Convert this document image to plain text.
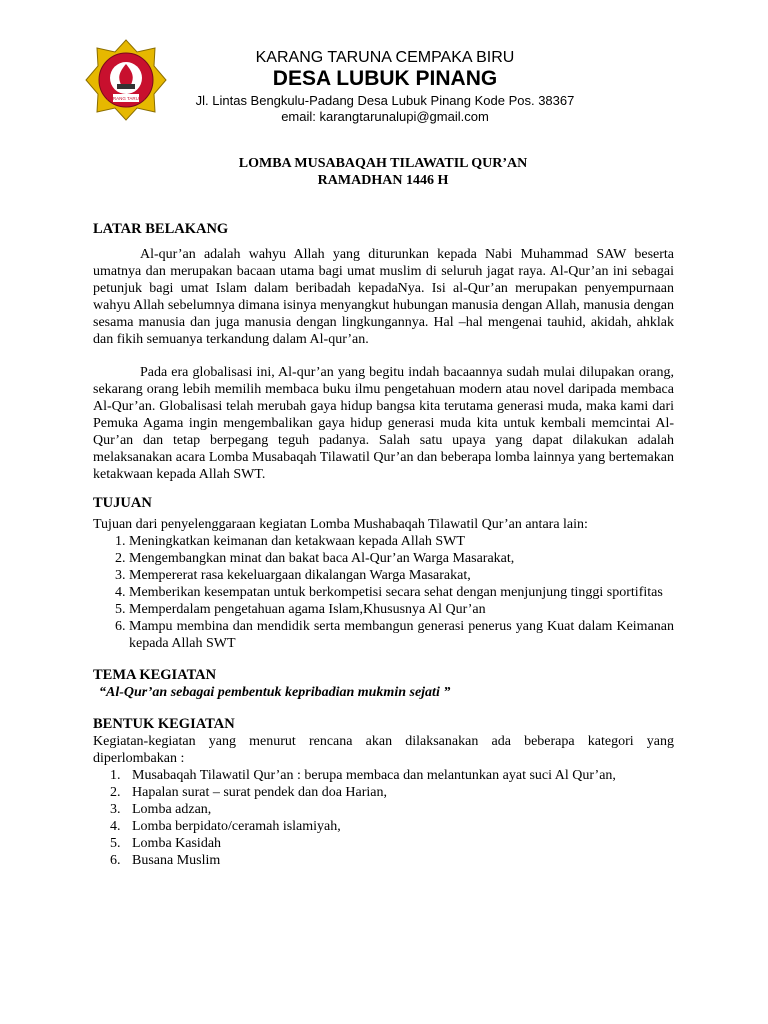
KARANG TARUNA
KARANG TARUNA CEMPAKA BIRU
DESA LUBUK PINANG
Jl. Lintas Bengkulu-Padang Desa Lubuk Pinang Kode Pos. 38367
email: karangtarunalupi@gmail.com
LOMBA MUSABAQAH TILAWATIL QUR’AN
RAMADHAN 1446 H

LATAR BELAKANG

Al-qur’an adalah wahyu Allah yang diturunkan kepada Nabi Muhammad SAW beserta umatnya dan merupakan bacaan utama bagi umat muslim di seluruh jagat raya. Al-Qur’an ini sebagai petunjuk bagi umat Islam dalam beribadah kepadaNya. Isi al-Qur’an merupakan penyempurnaan wahyu Allah sebelumnya dimana isinya menyangkut hubungan manusia dengan Allah, manusia dengan sesama manusia dan juga manusia dengan lingkungannya. Hal –hal mengenai tauhid, akidah, ahklak dan fikih semuanya terkandung dalam Al-qur’an.

Pada era globalisasi ini, Al-qur’an yang begitu indah bacaannya sudah mulai dilupakan orang, sekarang orang lebih memilih membaca buku ilmu pengetahuan modern atau novel daripada membaca Al-Qur’an. Globalisasi telah merubah gaya hidup bangsa kita terutama generasi muda, maka kami dari Pemuka Agama ingin mengembalikan gaya hidup generasi muda kita untuk kembali memcintai Al-Qur’an dan tetap berpegang teguh padanya. Salah satu upaya yang dapat dilakukan adalah melaksanakan acara Lomba Musabaqah Tilawatil Qur’an dan beberapa lomba lainnya yang bertemakan ketakwaan kepada Allah SWT.

TUJUAN

Tujuan dari penyelenggaraan kegiatan Lomba Mushabaqah Tilawatil Qur’an antara lain:

1. Meningkatkan keimanan dan ketakwaan kepada Allah SWT
2. Mengembangkan minat dan bakat baca Al-Qur’an Warga Masarakat,
3. Mempererat rasa kekeluargaan dikalangan Warga Masarakat,
4. Memberikan kesempatan untuk berkompetisi secara sehat dengan menjunjung tinggi sportifitas
5. Memperdalam pengetahuan agama Islam,Khususnya Al Qur’an
6. Mampu membina dan mendidik serta membangun generasi penerus yang Kuat dalam Keimanan kepada Allah SWT

TEMA KEGIATAN

“Al-Qur’an sebagai pembentuk kepribadian mukmin sejati ”

BENTUK KEGIATAN

Kegiatan-kegiatan yang menurut rencana akan dilaksanakan ada beberapa kategori yang diperlombakan :

1. Musabaqah Tilawatil Qur’an : berupa membaca dan melantunkan ayat suci Al Qur’an,
2. Hapalan surat – surat pendek dan doa Harian,
3. Lomba adzan,
4. Lomba berpidato/ceramah islamiyah,
5. Lomba Kasidah
6. Busana Muslim
